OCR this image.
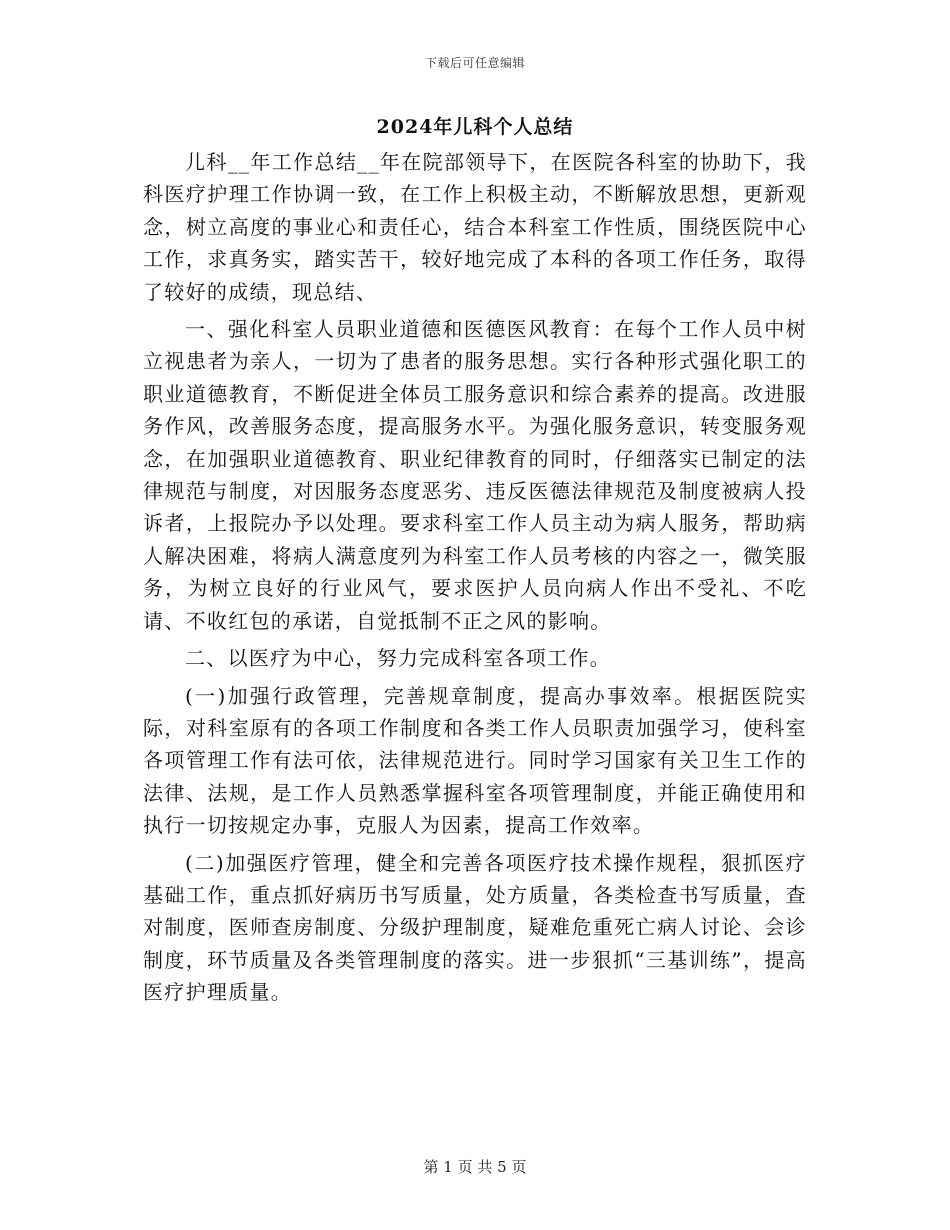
下载后可任意编辑
2024年儿科个人总结

儿科__年工作总结__年在院部领导下，在医院各科室的协助下，我科医疗护理工作协调一致，在工作上积极主动，不断解放思想，更新观念，树立高度的事业心和责任心，结合本科室工作性质，围绕医院中心工作，求真务实，踏实苦干，较好地完成了本科的各项工作任务，取得了较好的成绩，现总结、

一、强化科室人员职业道德和医德医风教育：在每个工作人员中树立视患者为亲人，一切为了患者的服务思想。实行各种形式强化职工的职业道德教育，不断促进全体员工服务意识和综合素养的提高。改进服务作风，改善服务态度，提高服务水平。为强化服务意识，转变服务观念，在加强职业道德教育、职业纪律教育的同时，仔细落实已制定的法律规范与制度，对因服务态度恶劣、违反医德法律规范及制度被病人投诉者，上报院办予以处理。要求科室工作人员主动为病人服务，帮助病人解决困难，将病人满意度列为科室工作人员考核的内容之一，微笑服务，为树立良好的行业风气，要求医护人员向病人作出不受礼、不吃请、不收红包的承诺，自觉抵制不正之风的影响。

二、以医疗为中心，努力完成科室各项工作。

(一)加强行政管理，完善规章制度，提高办事效率。根据医院实际，对科室原有的各项工作制度和各类工作人员职责加强学习，使科室各项管理工作有法可依，法律规范进行。同时学习国家有关卫生工作的法律、法规，是工作人员熟悉掌握科室各项管理制度，并能正确使用和执行一切按规定办事，克服人为因素，提高工作效率。

(二)加强医疗管理，健全和完善各项医疗技术操作规程，狠抓医疗基础工作，重点抓好病历书写质量，处方质量，各类检查书写质量，查对制度，医师查房制度、分级护理制度，疑难危重死亡病人讨论、会诊制度，环节质量及各类管理制度的落实。进一步狠抓“三基训练”，提高医疗护理质量。

第 1 页 共 5 页
